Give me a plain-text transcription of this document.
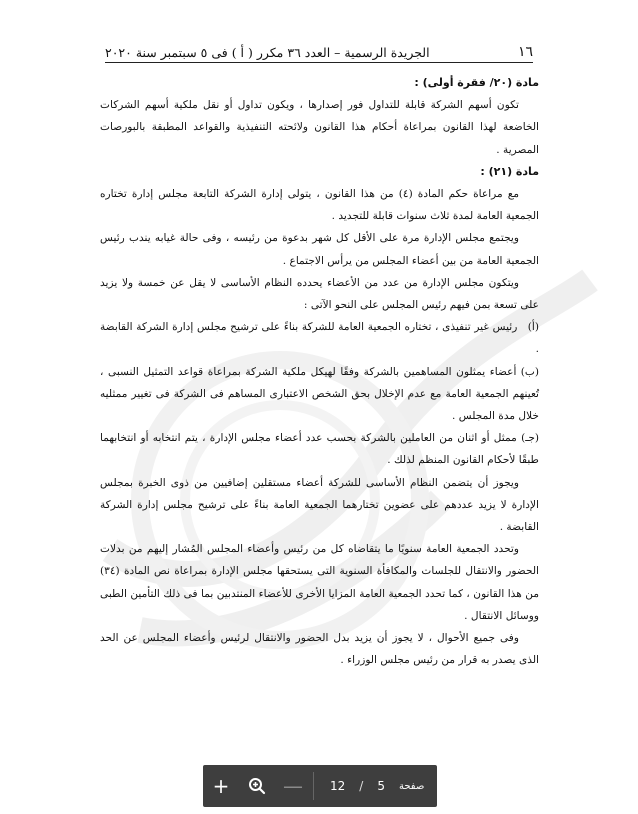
١٦
الجريدة الرسمية – العدد ٣٦ مكرر ( أ ) فى ٥ سبتمبر سنة ٢٠٢٠
مادة (٢٠/ فقرة أولى) :

تكون أسهم الشركة قابلة للتداول فور إصدارها ، ويكون تداول أو نقل ملكية أسهم الشركات الخاضعة لهذا القانون بمراعاة أحكام هذا القانون ولائحته التنفيذية والقواعد المطبقة بالبورصات المصرية .

مادة (٢١) :

مع مراعاة حكم المادة (٤) من هذا القانون ، يتولى إدارة الشركة التابعة مجلس إدارة تختاره الجمعية العامة لمدة ثلاث سنوات قابلة للتجديد .

ويجتمع مجلس الإدارة مرة على الأقل كل شهر بدعوة من رئيسه ، وفى حالة غيابه يندب رئيس الجمعية العامة من بين أعضاء المجلس من يرأس الاجتماع .

ويتكون مجلس الإدارة من عدد من الأعضاء يحدده النظام الأساسى لا يقل عن خمسة ولا يزيد على تسعة بمن فيهم رئيس المجلس على النحو الآتى :

(أ) رئيس غير تنفيذى ، تختاره الجمعية العامة للشركة بناءً على ترشيح مجلس إدارة الشركة القابضة .
(ب) أعضاء يمثلون المساهمين بالشركة وفقًا لهيكل ملكية الشركة بمراعاة قواعد التمثيل النسبى ، تُعينهم الجمعية العامة مع عدم الإخلال بحق الشخص الاعتبارى المساهم فى الشركة فى تغيير ممثليه خلال مدة المجلس .
(جـ) ممثل أو اثنان من العاملين بالشركة بحسب عدد أعضاء مجلس الإدارة ، يتم انتخابه أو انتخابهما طبقًا لأحكام القانون المنظم لذلك .

ويجوز أن يتضمن النظام الأساسى للشركة أعضاء مستقلين إضافيين من ذوى الخبرة بمجلس الإدارة لا يزيد عددهم على عضوين تختارهما الجمعية العامة بناءً على ترشيح مجلس إدارة الشركة القابضة .

وتحدد الجمعية العامة سنويًا ما يتقاضاه كل من رئيس وأعضاء المجلس المُشار إليهم من بدلات الحضور والانتقال للجلسات والمكافأة السنوية التى يستحقها مجلس الإدارة بمراعاة نص المادة (٣٤) من هذا القانون ، كما تحدد الجمعية العامة المزايا الأخرى للأعضاء المنتدبين بما فى ذلك التأمين الطبى ووسائل الانتقال .

وفى جميع الأحوال ، لا يجوز أن يزيد بدل الحضور والانتقال لرئيس وأعضاء المجلس عن الحد الذى يصدر به قرار من رئيس مجلس الوزراء .

+	— 12 / 5 صفحة
